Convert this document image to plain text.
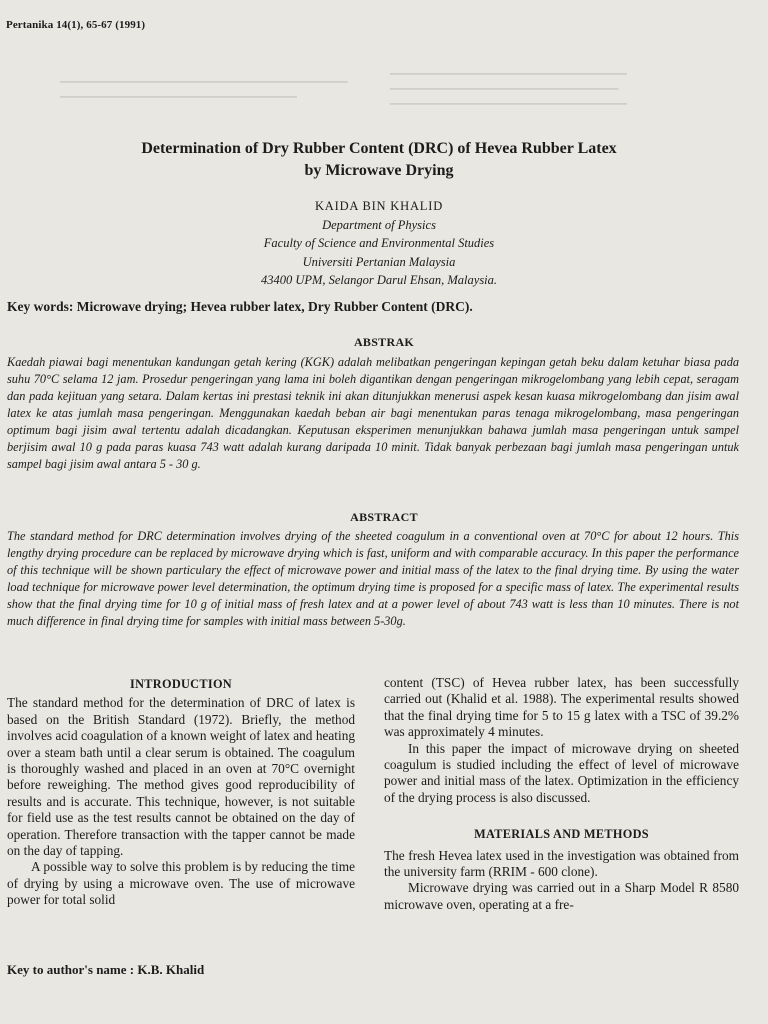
▁▁▁▁▁▁▁▁▁▁▁▁▁▁▁▁▁▁▁▁▁▁▁▁▁▁▁▁
▁▁▁▁▁▁▁▁▁▁▁▁▁▁▁▁▁▁▁▁▁▁▁▁▁▁▁
▁▁▁▁▁▁▁▁▁▁▁▁▁▁▁▁▁▁▁▁▁▁▁▁▁▁▁▁
▁▁▁▁▁▁▁▁▁▁▁▁▁▁▁▁▁▁▁▁▁▁▁▁▁▁▁▁▁▁▁▁▁▁
▁▁▁▁▁▁▁▁▁▁▁▁▁▁▁▁▁▁▁▁▁▁▁▁▁▁▁▁
Pertanika 14(1), 65-67 (1991)
Determination of Dry Rubber Content (DRC) of Hevea Rubber Latex
by Microwave Drying
KAIDA BIN KHALID
Department of Physics
Faculty of Science and Environmental Studies
Universiti Pertanian Malaysia
43400 UPM, Selangor Darul Ehsan, Malaysia.
Key words: Microwave drying; Hevea rubber latex, Dry Rubber Content (DRC).
ABSTRAK
Kaedah piawai bagi menentukan kandungan getah kering (KGK) adalah melibatkan pengeringan kepingan getah beku dalam ketuhar biasa pada suhu 70°C selama 12 jam. Prosedur pengeringan yang lama ini boleh digantikan dengan pengeringan mikrogelombang yang lebih cepat, seragam dan pada kejituan yang setara. Dalam kertas ini prestasi teknik ini akan ditunjukkan menerusi aspek kesan kuasa mikrogelombang dan jisim awal latex ke atas jumlah masa pengeringan. Menggunakan kaedah beban air bagi menentukan paras tenaga mikrogelombang, masa pengeringan optimum bagi jisim awal tertentu adalah dicadangkan. Keputusan eksperimen menunjukkan bahawa jumlah masa pengeringan untuk sampel berjisim awal 10 g pada paras kuasa 743 watt adalah kurang daripada 10 minit. Tidak banyak perbezaan bagi jumlah masa pengeringan untuk sampel bagi jisim awal antara 5 - 30 g.
ABSTRACT
The standard method for DRC determination involves drying of the sheeted coagulum in a conventional oven at 70°C for about 12 hours. This lengthy drying procedure can be replaced by microwave drying which is fast, uniform and with comparable accuracy. In this paper the performance of this technique will be shown particulary the effect of microwave power and initial mass of the latex to the final drying time. By using the water load technique for microwave power level determination, the optimum drying time is proposed for a specific mass of latex. The experimental results show that the final drying time for 10 g of initial mass of fresh latex and at a power level of about 743 watt is less than 10 minutes. There is not much difference in final drying time for samples with initial mass between 5-30g.
INTRODUCTION

The standard method for the determination of DRC of latex is based on the British Standard (1972). Briefly, the method involves acid coagulation of a known weight of latex and heating over a steam bath until a clear serum is obtained. The coagulum is thoroughly washed and placed in an oven at 70°C overnight before reweighing. The method gives good reproducibility of results and is accurate. This technique, however, is not suitable for field use as the test results cannot be obtained on the day of operation. Therefore transaction with the tapper cannot be made on the day of tapping.

A possible way to solve this problem is by reducing the time of drying by using a microwave oven. The use of microwave power for total solid

content (TSC) of Hevea rubber latex, has been successfully carried out (Khalid et al. 1988). The experimental results showed that the final drying time for 5 to 15 g latex with a TSC of 39.2% was approximately 4 minutes.

In this paper the impact of microwave drying on sheeted coagulum is studied including the effect of level of microwave power and initial mass of the latex. Optimization in the efficiency of the drying process is also discussed.

MATERIALS AND METHODS

The fresh Hevea latex used in the investigation was obtained from the university farm (RRIM - 600 clone).

Microwave drying was carried out in a Sharp Model R 8580 microwave oven, operating at a fre-

Key to author's name : K.B. Khalid
